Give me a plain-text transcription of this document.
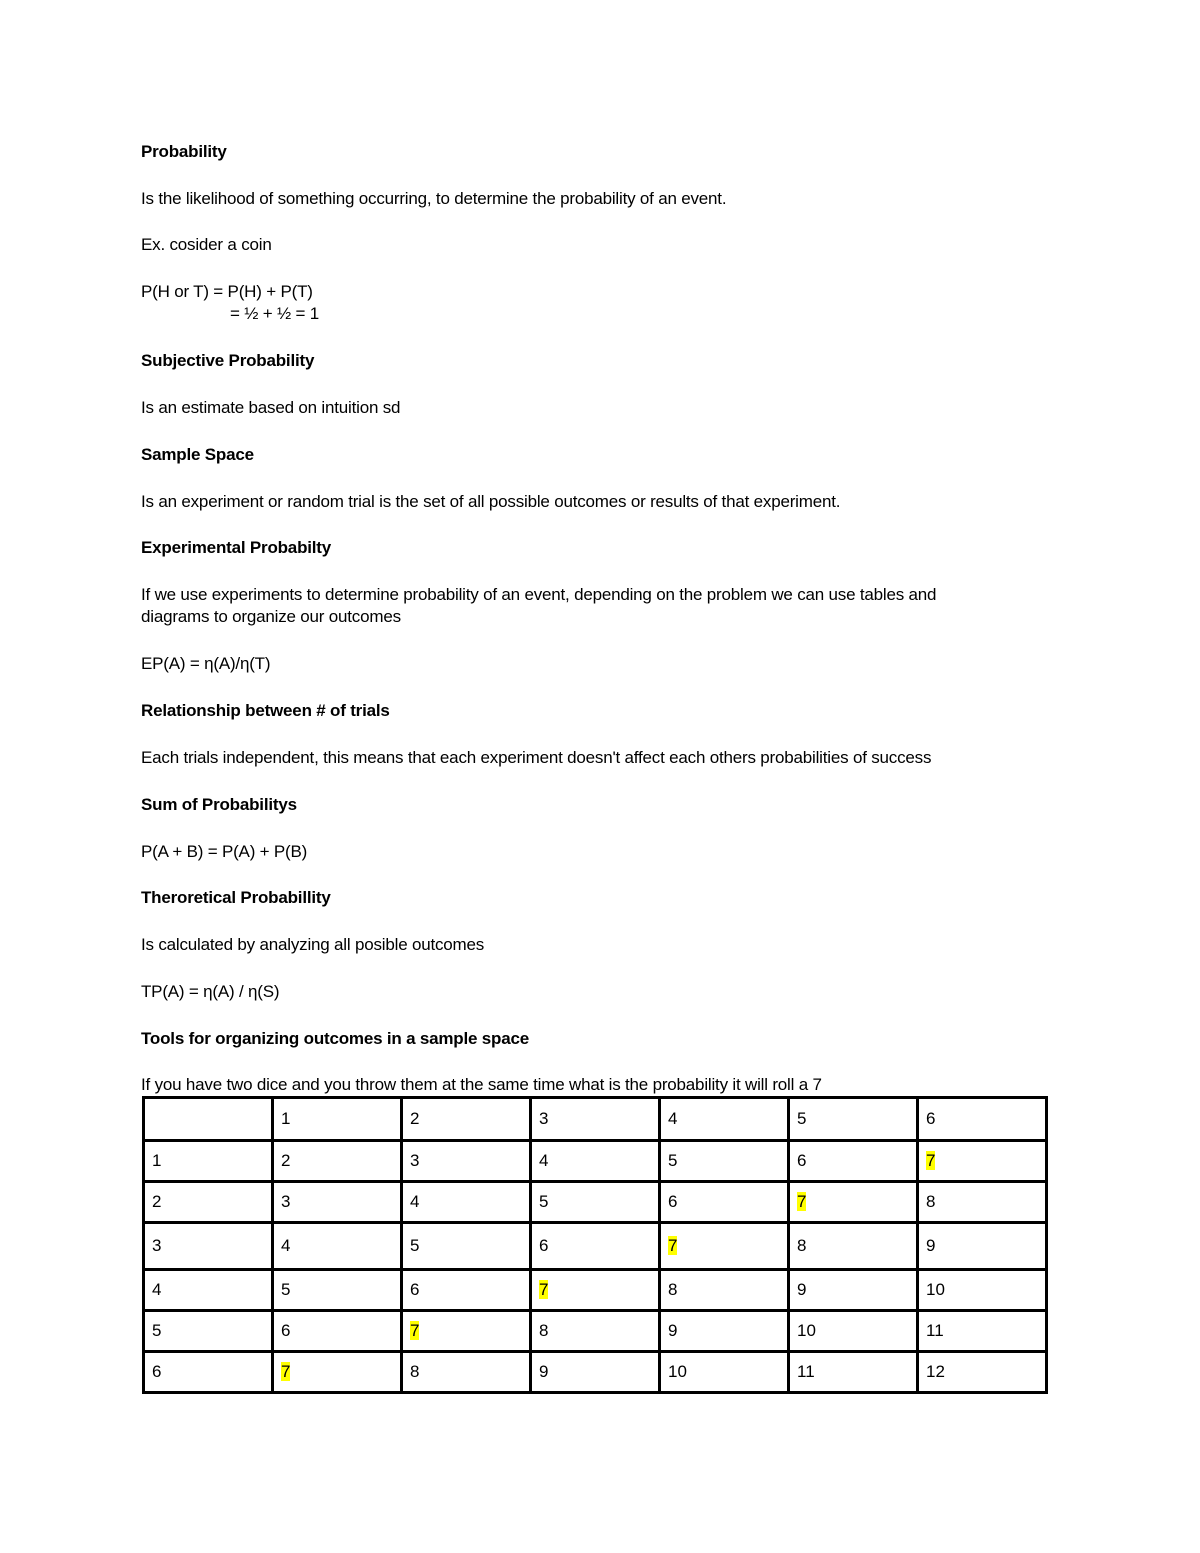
Probability
Is the likelihood of something occurring, to determine the probability of an event.
Ex. cosider a coin
P(H or T) = P(H) + P(T)
= ½ + ½ = 1
Subjective Probability
Is an estimate based on intuition sd
Sample Space
Is an experiment or random trial is the set of all possible outcomes or results of that experiment.
Experimental Probabilty
If we use experiments to determine probability of an event, depending on the problem we can use tables and
diagrams to organize our outcomes
EP(A) = η(A)/η(T)
Relationship between # of trials
Each trials independent, this means that each experiment doesn't affect each others probabilities of success
Sum of Probabilitys
P(A + B) = P(A) + P(B)
Theroretical Probabillity
Is calculated by analyzing all posible outcomes
TP(A) = η(A) / η(S)
Tools for organizing outcomes in a sample space
If you have two dice and you throw them at the same time what is the probability it will roll a 7
	1	2	3	4	5	6
1	2	3	4	5	6	7
2	3	4	5	6	7	8
3	4	5	6	7	8	9
4	5	6	7	8	9	10
5	6	7	8	9	10	11
6	7	8	9	10	11	12
